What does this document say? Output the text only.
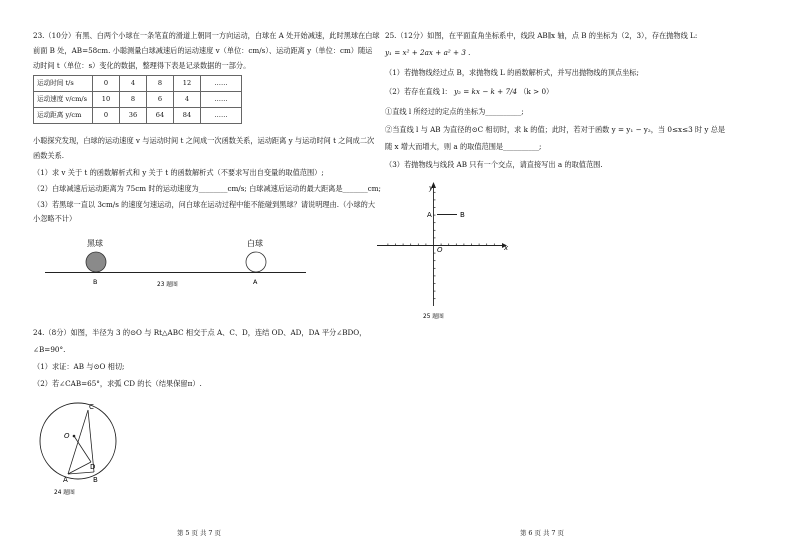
23.（10分）有黑、白两个小球在一条笔直的滑道上朝同一方向运动，白球在 A 处开始减速，此时黑球在白球
前面 B 处，AB=58cm. 小聪测量白球减速后的运动速度 v（单位：cm/s）、运动距离 y（单位：cm）随运
动时间 t（单位：s）变化的数据，整理得下表是记录数据的一部分。
运动时间 t/s	0	4	8	12	……
运动速度 v/cm/s	10	8	6	4	……
运动距离 y/cm	0	36	64	84	……
小聪探究发现，白球的运动速度 v 与运动时间 t 之间成一次函数关系，运动距离 y 与运动时间 t 之间成二次
函数关系.
（1）求 v 关于 t 的函数解析式和 y 关于 t 的函数解析式（不要求写出自变量的取值范围）;
（2）白球减速后运动距离为 75cm 时的运动速度为________cm/s; 白球减速后运动的最大距离是_______cm;
（3）若黑球一直以 3cm/s 的速度匀速运动，问白球在运动过程中能不能碰到黑球？请说明理由.（小球的大
小忽略不计）
黑球	白球
B	A
23 题图
24.（8分）如图，半径为 3 的⊙O 与 Rt△ABC 相交于点 A、C、D，连结 OD、AD，DA 平分∠BDO，
∠B=90°.
（1）求证：AB 与⊙O 相切;
（2）若∠CAB=65°，求弧 CD 的长（结果保留π）.
O
C
D
A	B
24 题图
第 5 页 共 7 页
25.（12分）如图，在平面直角坐标系中，线段 AB∥x 轴，点 B 的坐标为（2，3），存在抛物线 L:
y₁ = x² + 2ax + a² + 3 .
（1）若抛物线经过点 B，求抛物线 L 的函数解析式，并写出抛物线的顶点坐标;
（2）若存在直线 l： y₂ = kx − k + 7/4 （k > 0）
①直线 l 所经过的定点的坐标为__________;
②当直线 l 与 AB 为直径的⊙C 相切时，求 k 的值；此时，若对于函数 y = y₁ − y₂，当 0≤x≤3 时 y 总是
随 x 增大而增大，则 a 的取值范围是__________;
（3）若抛物线与线段 AB 只有一个交点，请直接写出 a 的取值范围.
A	B
y
x
O
25 题图
第 6 页 共 7 页
